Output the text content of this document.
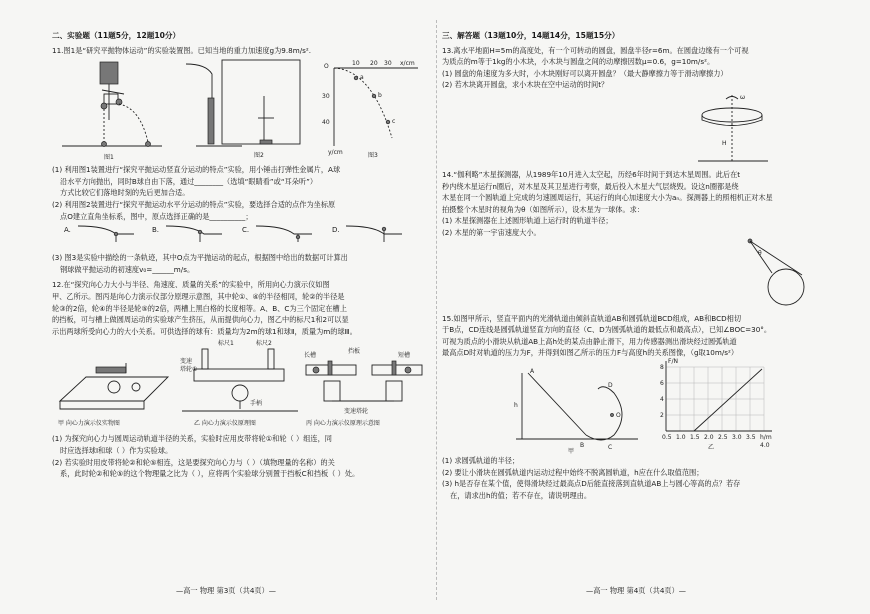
二、实验题（11题5分，12题10分）

11.图1是“研究平抛物体运动”的实验装置图。已知当地的重力加速度g为9.8m/s².

图1	图2
O	x/cm
y/cm
a
b
c
30
40
10 20 30
图3

(1) 利用图1装置进行“探究平抛运动竖直分运动的特点”实验，用小锤击打弹性金属片，A球

沿水平方向抛出，同时B球自由下落，通过________（选填“眼睛看”或“耳朵听”）

方式比较它们落地时刻的先后更加合适。

(2) 利用图2装置进行“探究平抛运动水平分运动的特点”实验，要选择合适的点作为坐标原

点O建立直角坐标系，图中，原点选择正确的是__________；

A.	B.	C.	D.

(3) 图3是实验中描绘的一条轨迹，其中O点为平抛运动的起点，根据图中给出的数据可计算出

钢球做平抛运动的初速度v₀=______m/s。

12.在“探究向心力大小与半径、角速度、质量的关系”的实验中，所用向心力演示仪如图

甲、乙所示。图丙是向心力演示仪部分原理示意图，其中轮①、④的半径相同，轮②的半径是

轮③的2倍，轮④的半径是轮⑤的2倍，两槽上黑白格的长度相等。A、B、C为三个固定在槽上

的挡板，可与槽上做圆周运动的实验球产生挤压，从而提供向心力，图乙中的标尺1和2可以显

示出两球所受向心力的大小关系。可供选择的球有：质量均为2m的球1和球Ⅱ，质量为m的球Ⅲ。

甲 向心力演示仪实物图
标尺1	标尺2
变速
塔轮①
手柄
乙 向心力演示仪原理图
长槽	短槽
挡板
变速塔轮
丙 向心力演示仪原理示意图

(1) 为探究向心力与圆周运动轨道半径的关系，实验时应用皮带将轮①和轮（ ）组连，同

时应选择球Ⅰ和球（ ）作为实验球。

(2) 若实验时用皮带将轮②和轮⑤相连，这是要探究向心力与（ ）（填物理量的名称）的关

系，此时轮②和轮⑤的这个物理量之比为（ ），应将两个实验球分别置于挡板C和挡板（ ）处。

—高一 物理 第3页（共4页）—
三、解答题（13题10分，14题14分，15题15分）

13.离水平地面H=5m的高度处，有一个可转动的圆盘，圆盘半径r=6m。在圆盘边缘有一个可视

为质点的m等于1kg的小木块，小木块与圆盘之间的动摩擦因数μ=0.6，g=10m/s²。

(1) 圆盘的角速度为多大时，小木块刚好可以离开圆盘？（最大静摩擦力等于滑动摩擦力）

(2) 若木块离开圆盘，求小木块在空中运动的时间t？

ω
H

14.“伽利略”木星探测器，从1989年10月进入太空起，历经6年时间于到达木星周围。此后在t

秒内绕木星运行n圈后，对木星及其卫星进行考察，最后投入木星大气层烧毁。设这n圈都是绕

木星在同一个圆轨道上完成的匀速圆周运行，其运行的向心加速度大小为aₙ。探测器上的照相机正对木星

拍摄整个木星时的视角为θ（如图所示），设木星为一球体。求：

(1) 木星探测器在上述圆形轨道上运行时的轨道半径；

(2) 木星的第一宇宙速度大小。

θ

15.如图甲所示，竖直平面内的光滑轨道由倾斜直轨道AB和圆弧轨道BCD组成，AB和BCD相切

于B点，CD连线是圆弧轨道竖直方向的直径（C、D为圆弧轨道的最低点和最高点），已知∠BOC=30°。

可视为质点的小滑块从轨道AB上高h处的某点由静止滑下，用力传感器测出滑块经过圆弧轨道

最高点D时对轨道的压力为F，并得到如图乙所示的压力F与高度h的关系图像，（g取10m/s²）

A
B	C
D
O
h
甲
F/N
h/m
2
4
6
8
0.5 1.0 1.5 2.0 2.5 3.0 3.5
4.0
乙

(1) 求圆弧轨道的半径；

(2) 要让小滑块在圆弧轨道内运动过程中始终不脱离圆轨道，h应在什么取值范围；

(3) h是否存在某个值，使得滑块经过最高点D后能直接落到直轨道AB上与圆心等高的点？若存

在，请求出h的值；若不存在，请说明理由。

—高一 物理 第4页（共4页）—
